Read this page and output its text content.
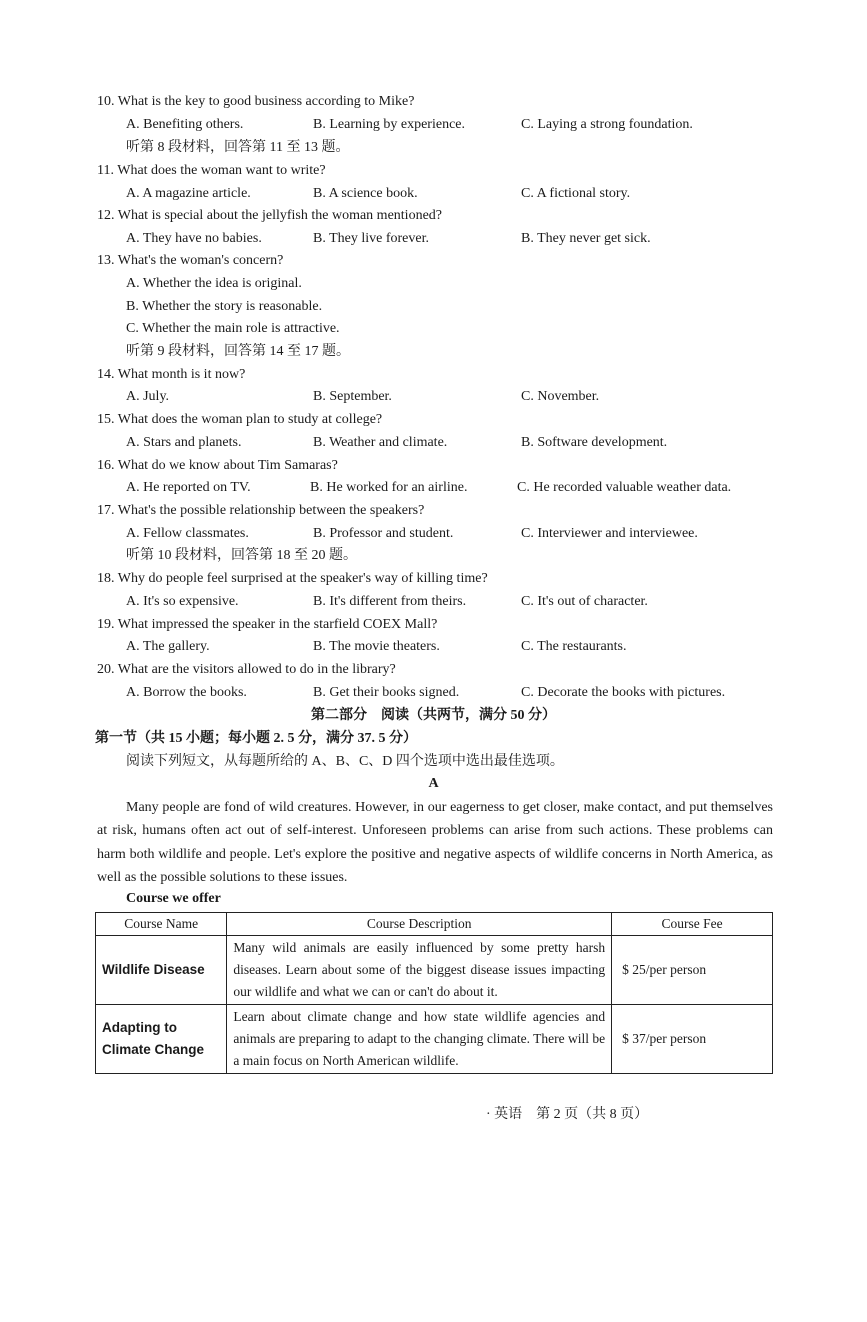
10. What is the key to good business according to Mike?
A. Benefiting others.	B. Learning by experience.	C. Laying a strong foundation.
听第 8 段材料，回答第 11 至 13 题。
11. What does the woman want to write?
A. A magazine article.	B. A science book.	C. A fictional story.
12. What is special about the jellyfish the woman mentioned?
A. They have no babies.	B. They live forever.	B. They never get sick.
13. What's the woman's concern?
A. Whether the idea is original.
B. Whether the story is reasonable.
C. Whether the main role is attractive.
听第 9 段材料，回答第 14 至 17 题。
14. What month is it now?
A. July.	B. September.	C. November.
15. What does the woman plan to study at college?
A. Stars and planets.	B. Weather and climate.	B. Software development.
16. What do we know about Tim Samaras?
A. He reported on TV.	B. He worked for an airline.	C. He recorded valuable weather data.
17. What's the possible relationship between the speakers?
A. Fellow classmates.	B. Professor and student.	C. Interviewer and interviewee.
听第 10 段材料，回答第 18 至 20 题。
18. Why do people feel surprised at the speaker's way of killing time?
A. It's so expensive.	B. It's different from theirs.	C. It's out of character.
19. What impressed the speaker in the starfield COEX Mall?
A. The gallery.	B. The movie theaters.	C. The restaurants.
20. What are the visitors allowed to do in the library?
A. Borrow the books.	B. Get their books signed.	C. Decorate the books with pictures.
第二部分　阅读（共两节，满分 50 分）
第一节（共 15 小题；每小题 2. 5 分，满分 37. 5 分）
阅读下列短文，从每题所给的 A、B、C、D 四个选项中选出最佳选项。
A
Many people are fond of wild creatures. However, in our eagerness to get closer, make contact, and put themselves at risk, humans often act out of self-interest. Unforeseen problems can arise from such actions. These problems can harm both wildlife and people. Let's explore the positive and negative aspects of wildlife concerns in North America, as well as the possible solutions to these issues.
Course we offer
Course Name	Course Description	Course Fee
Wildlife Disease	Many wild animals are easily influenced by some pretty harsh diseases. Learn about some of the biggest disease issues impacting our wildlife and what we can or can't do about it.	$ 25/per person
Adapting to Climate Change	Learn about climate change and how state wildlife agencies and animals are preparing to adapt to the changing climate. There will be a main focus on North American wildlife.	$ 37/per person
· 英语　第 2 页（共 8 页）
